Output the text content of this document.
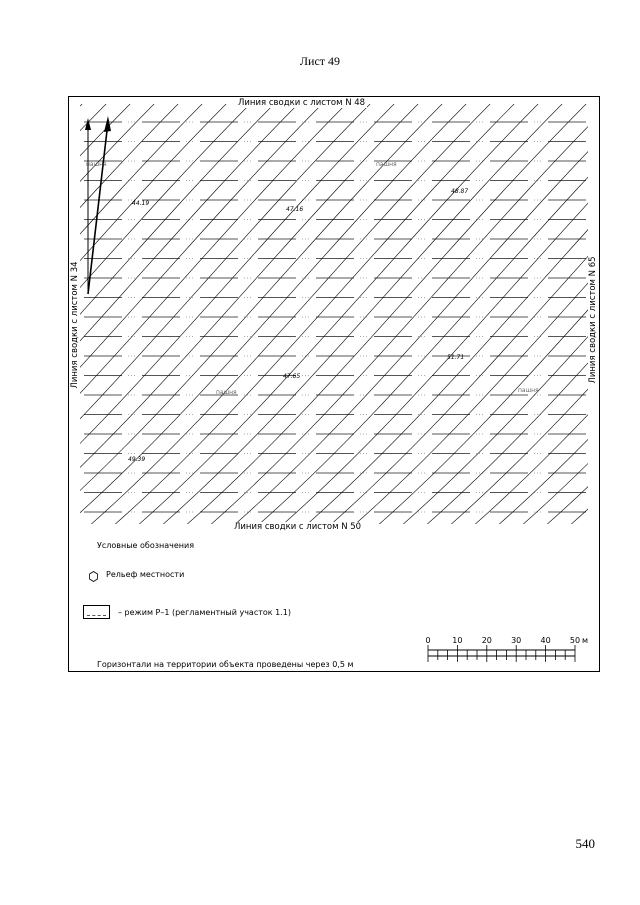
Лист 49
пашня	пашня
пашня	пашня
44.19
47.16
48.87
47.65
51.71
49.39
Линия сводки с листом N 48
Линия сводки с листом N 50
Линия сводки с листом N 34	Линия сводки с листом N 65
Условные обозначения
Рельеф местности
– режим Р–1 (регламентный участок 1.1)
Горизонтали на территории объекта проведены через 0,5 м
0	10 20 30 40 50 м
540
